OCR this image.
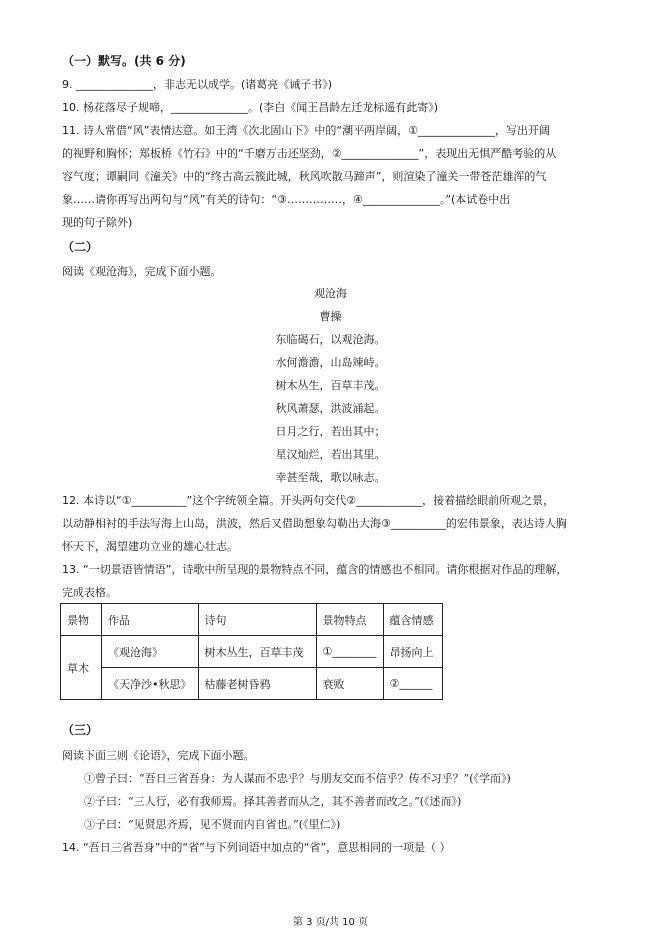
（一）默写。(共 6 分)
9. ______________，非志无以成学。(诸葛亮《诫子书》)
10. 杨花落尽子规啼，______________。(李白《闻王昌龄左迁龙标遥有此寄》)
11. 诗人常借“风”表情达意。如王湾《次北固山下》中的“潮平两岸阔，①______________，写出开阔
的视野和胸怀；郑板桥《竹石》中的“千磨万击还坚劲，②______________”，表现出无惧严酷考验的从
容气度；谭嗣同《潼关》中的“终古高云簇此城，秋风吹散马蹄声”，则渲染了潼关一带苍茫雄浑的气
象……请你再写出两句与“风”有关的诗句：“③……………，④______________。”(本试卷中出
现的句子除外)
（二）
阅读《观沧海》，完成下面小题。
观沧海
曹操
东临碣石，以观沧海。
水何澹澹，山岛竦峙。
树木丛生，百草丰茂。
秋风萧瑟，洪波涌起。
日月之行，若出其中；
星汉灿烂，若出其里。
幸甚至哉，歌以咏志。
12. 本诗以“①__________”这个字统领全篇。开头两句交代②____________，接着描绘眼前所观之景，
以动静相衬的手法写海上山岛，洪波，然后又借助想象勾勒出大海③__________的宏伟景象，表达诗人胸
怀天下，渴望建功立业的雄心壮志。
13. “一切景语皆情语”，诗歌中所呈现的景物特点不同，蕴含的情感也不相同。请你根据对作品的理解，
完成表格。
景物	作品	诗句	景物特点	蕴含情感
草木	《观沧海》	树木丛生，百草丰茂	①________	昂扬向上
	《天净沙•秋思》	枯藤老树昏鸦	衰败	②______
（三）
阅读下面三则《论语》，完成下面小题。
①曾子曰：“吾日三省吾身：为人谋而不忠乎？与朋友交而不信乎？传不习乎？”(《学而》)
②子曰：“三人行，必有我师焉。择其善者而从之，其不善者而改之。”(《述而》)
③子曰：“见贤思齐焉，见不贤而内自省也。”(《里仁》)
14. “吾日三省吾身”中的“省”与下列词语中加点的“省”，意思相同的一项是（ ）
第 3 页/共 10 页
